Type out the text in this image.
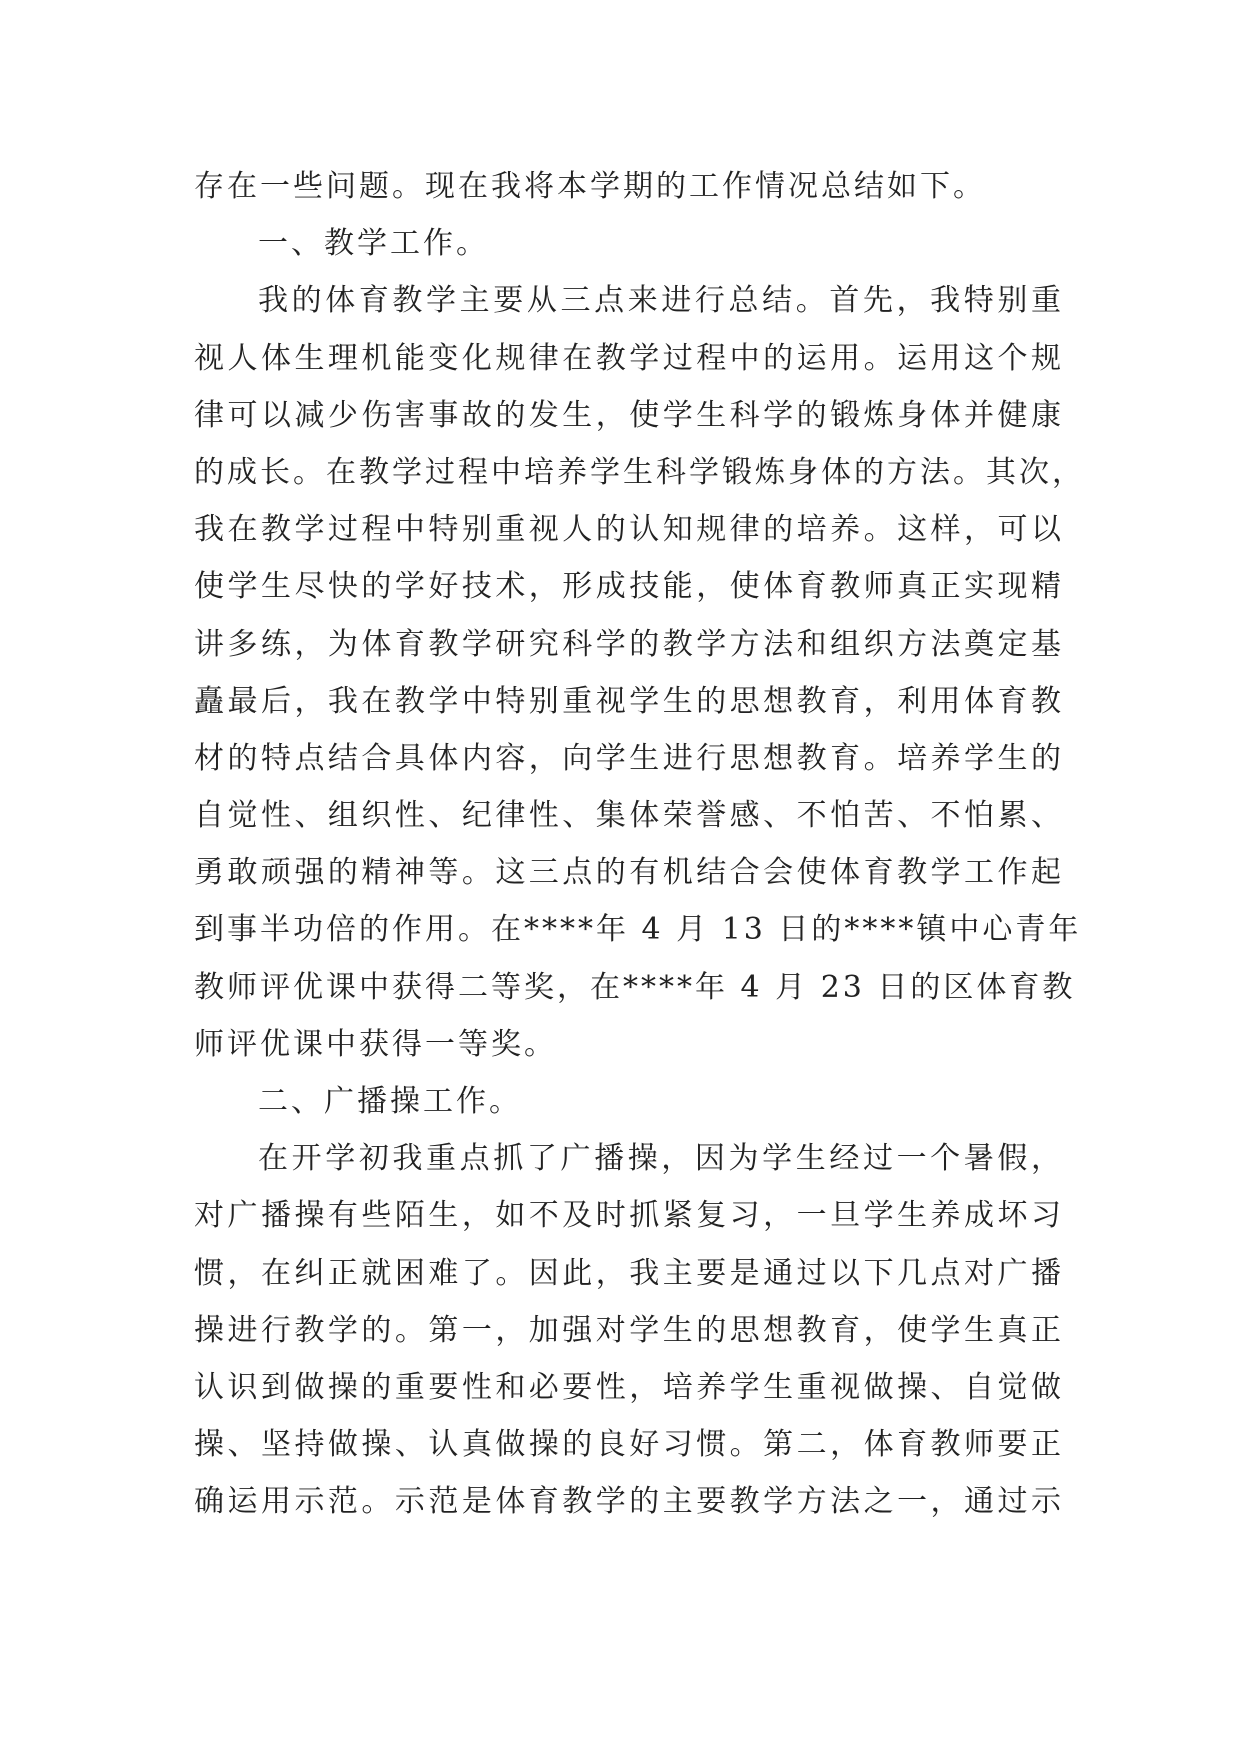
存在一些问题。现在我将本学期的工作情况总结如下。

一、教学工作。

我的体育教学主要从三点来进行总结。首先，我特别重

视人体生理机能变化规律在教学过程中的运用。运用这个规

律可以减少伤害事故的发生，使学生科学的锻炼身体并健康

的成长。在教学过程中培养学生科学锻炼身体的方法。其次，

我在教学过程中特别重视人的认知规律的培养。这样，可以

使学生尽快的学好技术，形成技能，使体育教师真正实现精

讲多练，为体育教学研究科学的教学方法和组织方法奠定基

矗最后，我在教学中特别重视学生的思想教育，利用体育教

材的特点结合具体内容，向学生进行思想教育。培养学生的

自觉性、组织性、纪律性、集体荣誉感、不怕苦、不怕累、

勇敢顽强的精神等。这三点的有机结合会使体育教学工作起

到事半功倍的作用。在****年 4 月 13 日的****镇中心青年

教师评优课中获得二等奖，在****年 4 月 23 日的区体育教

师评优课中获得一等奖。

二、广播操工作。

在开学初我重点抓了广播操，因为学生经过一个暑假，

对广播操有些陌生，如不及时抓紧复习，一旦学生养成坏习

惯，在纠正就困难了。因此，我主要是通过以下几点对广播

操进行教学的。第一，加强对学生的思想教育，使学生真正

认识到做操的重要性和必要性，培养学生重视做操、自觉做

操、坚持做操、认真做操的良好习惯。第二，体育教师要正

确运用示范。示范是体育教学的主要教学方法之一，通过示
